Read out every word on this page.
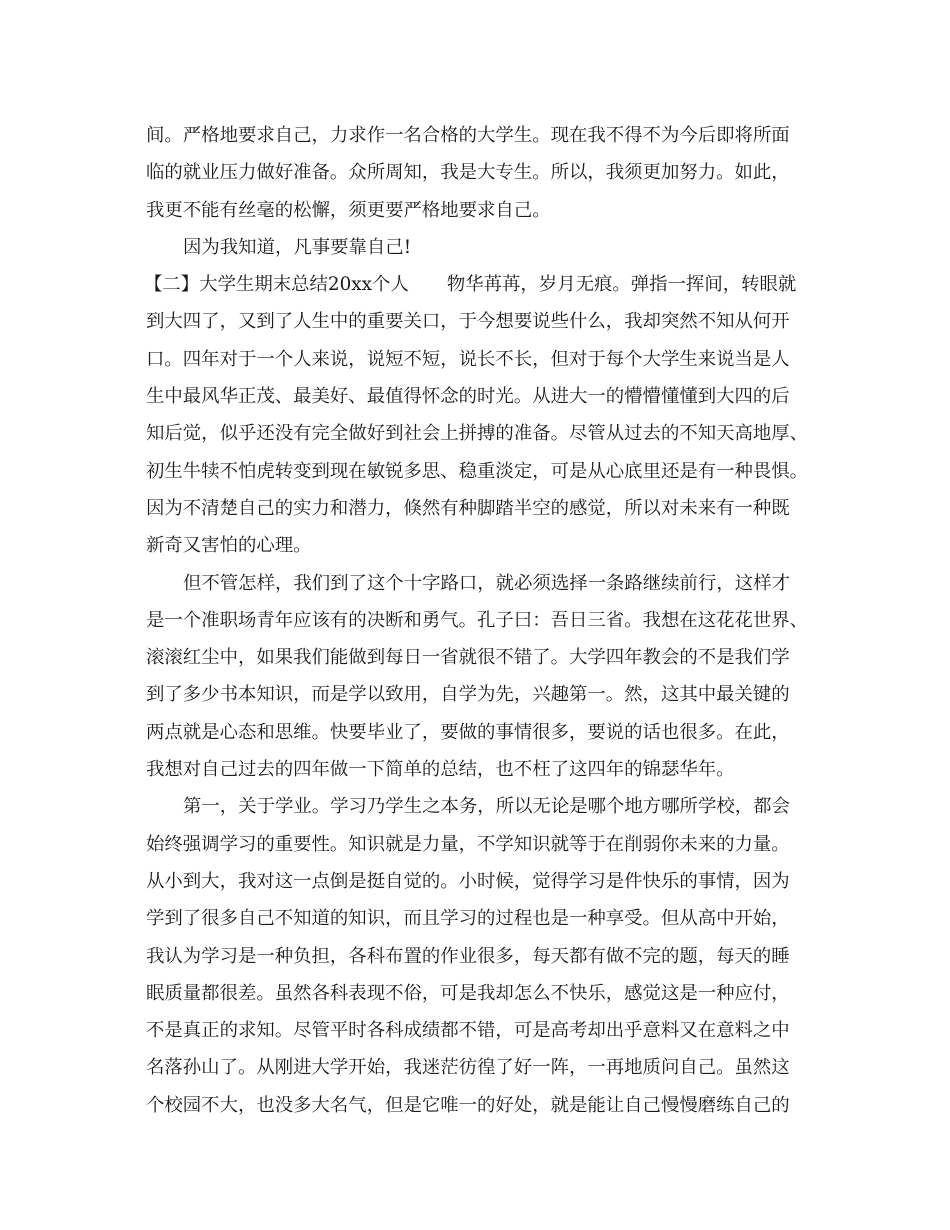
间。严格地要求自己，力求作一名合格的大学生。现在我不得不为今后即将所面
临的就业压力做好准备。众所周知，我是大专生。所以，我须更加努力。如此，
我更不能有丝毫的松懈，须更要严格地要求自己。
因为我知道，凡事要靠自己!
【二】大学生期末总结20xx个人 物华苒苒，岁月无痕。弹指一挥间，转眼就
到大四了，又到了人生中的重要关口，于今想要说些什么，我却突然不知从何开
口。四年对于一个人来说，说短不短，说长不长，但对于每个大学生来说当是人
生中最风华正茂、最美好、最值得怀念的时光。从进大一的懵懵懂懂到大四的后
知后觉，似乎还没有完全做好到社会上拼搏的准备。尽管从过去的不知天高地厚、
初生牛犊不怕虎转变到现在敏锐多思、稳重淡定，可是从心底里还是有一种畏惧。
因为不清楚自己的实力和潜力，倏然有种脚踏半空的感觉，所以对未来有一种既
新奇又害怕的心理。
但不管怎样，我们到了这个十字路口，就必须选择一条路继续前行，这样才
是一个准职场青年应该有的决断和勇气。孔子曰：吾日三省。我想在这花花世界、
滚滚红尘中，如果我们能做到每日一省就很不错了。大学四年教会的不是我们学
到了多少书本知识，而是学以致用，自学为先，兴趣第一。然，这其中最关键的
两点就是心态和思维。快要毕业了，要做的事情很多，要说的话也很多。在此，
我想对自己过去的四年做一下简单的总结，也不枉了这四年的锦瑟华年。
第一，关于学业。学习乃学生之本务，所以无论是哪个地方哪所学校，都会
始终强调学习的重要性。知识就是力量，不学知识就等于在削弱你未来的力量。
从小到大，我对这一点倒是挺自觉的。小时候，觉得学习是件快乐的事情，因为
学到了很多自己不知道的知识，而且学习的过程也是一种享受。但从高中开始，
我认为学习是一种负担，各科布置的作业很多，每天都有做不完的题，每天的睡
眠质量都很差。虽然各科表现不俗，可是我却怎么不快乐，感觉这是一种应付，
不是真正的求知。尽管平时各科成绩都不错，可是高考却出乎意料又在意料之中
名落孙山了。从刚进大学开始，我迷茫彷徨了好一阵，一再地质问自己。虽然这
个校园不大，也没多大名气，但是它唯一的好处，就是能让自己慢慢磨练自己的
